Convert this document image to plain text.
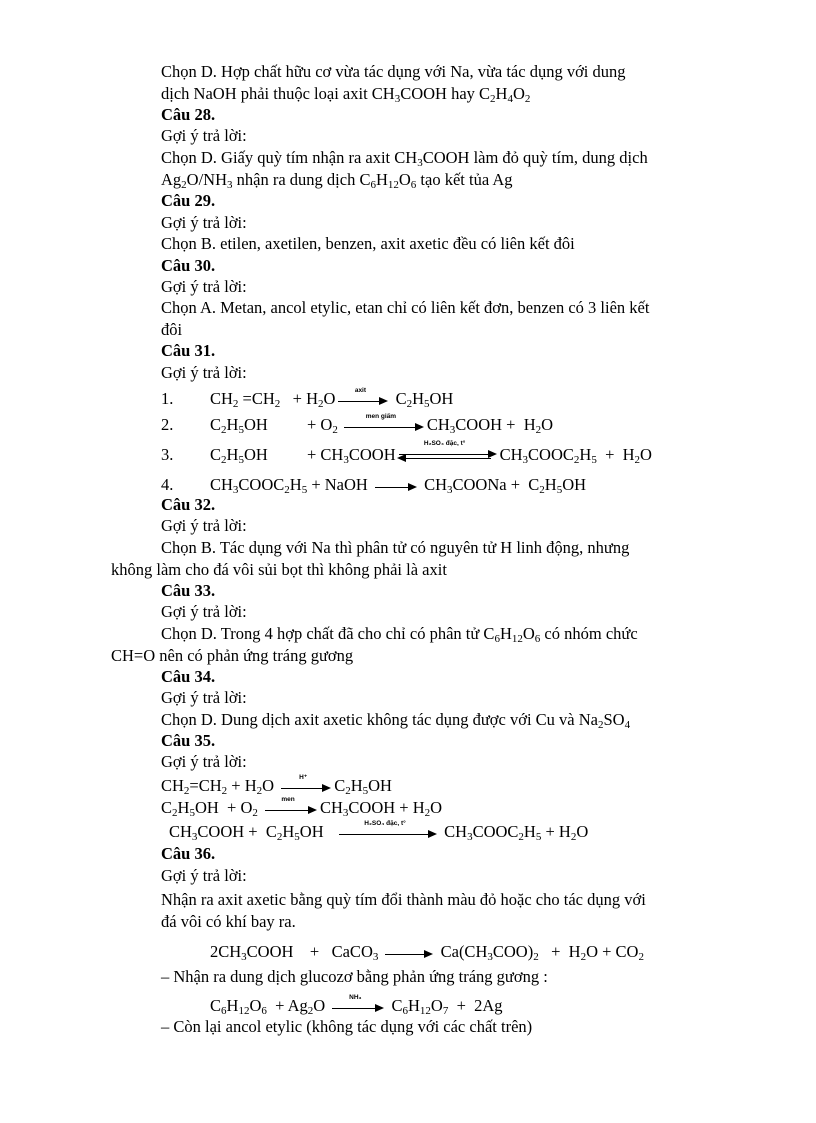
Chọn D. Hợp chất hữu cơ vừa tác dụng với Na, vừa tác dụng với dung
dịch NaOH phải thuộc loại axit $CH_3COOH$ hay $C_2H_4O_2$
Câu 28.
Gợi ý trả lời:
Chọn D. Giấy quỳ tím nhận ra axit $CH_3COOH$ làm đỏ quỳ tím, dung dịch
$Ag_2O/NH_3$ nhận ra dung dịch $C_6H_{12}O_6$ tạo kết tủa Ag
Câu 29.
Gợi ý trả lời:
Chọn B. etilen, axetilen, benzen, axit axetic đều có liên kết đôi
Câu 30.
Gợi ý trả lời:
Chọn A. Metan, ancol etylic, etan chỉ có liên kết đơn, benzen có 3 liên kết
đôi
Câu 31.
Gợi ý trả lời:
1. $CH_2 =CH_2 + H_2O$	axit	$C_2H_5OH$
2. $C_2H_5OH + O_2$
men giấm	$CH_3COOH + H_2O$
3. $C_2H_5OH$ + $CH_3COOH$
H₂SO₄ đặc, t°
$CH_3COOC_2H_5 + H_2O$
4. $CH_3COOC_2H_5$ + NaOH	$CH_3COONa + C_2H_5OH$
Câu 32.
Gợi ý trả lời:
Chọn B. Tác dụng với Na thì phân tử có nguyên tử H linh động, nhưng
không làm cho đá vôi sủi bọt thì không phải là axit
Câu 33.
Gợi ý trả lời:
Chọn D. Trong 4 hợp chất đã cho chỉ có phân tử $C_6H_{12}O_6$ có nhóm chức
CH=O nên có phản ứng tráng gương
Câu 34.
Gợi ý trả lời:
Chọn D. Dung dịch axit axetic không tác dụng được với Cu và $Na_2SO_4$
Câu 35.
Gợi ý trả lời:
$CH_2=CH_2 + H_2O$	H⁺	$C_2H_5OH$
$C_2H_5OH + O_2$
men	$CH_3COOH + H_2O$
$CH_3COOH + C_2H_5OH$	H₂SO₄ đặc, t°	$CH_3COOC_2H_5 + H_2O$
Câu 36.
Gợi ý trả lời:
Nhận ra axit axetic bằng quỳ tím đổi thành màu đỏ hoặc cho tác dụng với
đá vôi có khí bay ra.
$2CH_3COOH$    +   CaCO$_3$	$Ca(CH_3COO)_2 + H_2O + CO_2$
– Nhận ra dung dịch glucozơ bằng phản ứng tráng gương :
$C_6H_{12}O_6 + Ag_2O$	NH₃	$C_6H_{12}O_7 + 2Ag$
– Còn lại ancol etylic (không tác dụng với các chất trên)
